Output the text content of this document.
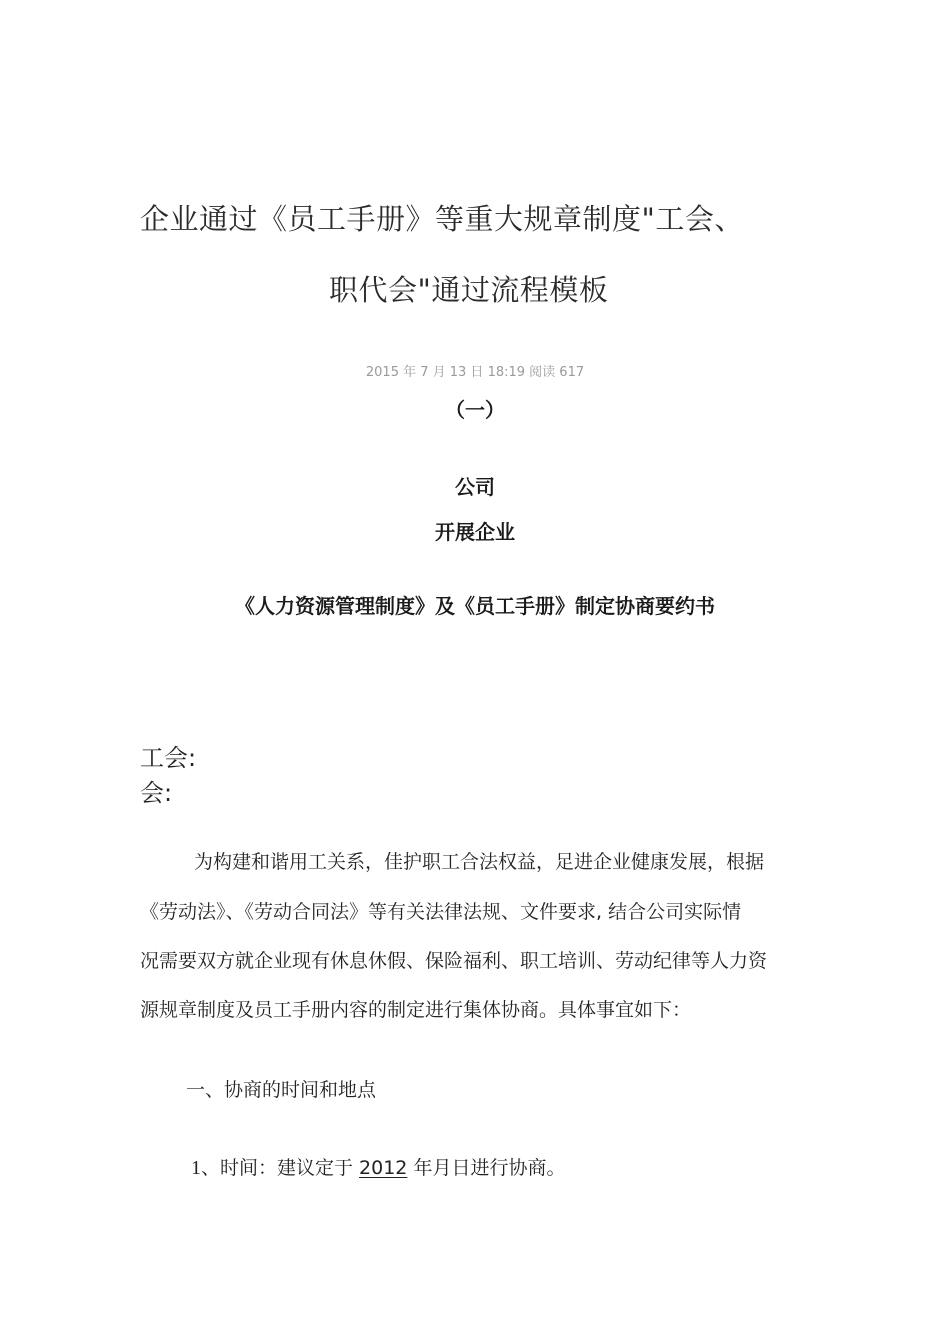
企业通过《员工手册》等重大规章制度"工会、
职代会"通过流程模板
2015 年 7 月 13 日 18:19 阅读 617
（一）
公司
开展企业
《人力资源管理制度》及《员工手册》制定协商要约书
工会:
会:
为构建和谐用工关系，佳护职工合法权益，足进企业健康发展，根据
《劳动法》、《劳动合同法》等有关法律法规、文件要求, 结合公司实际情
况需要双方就企业现有休息休假、保险福利、职工培训、劳动纪律等人力资
源规章制度及员工手册内容的制定进行集体协商。具体事宜如下：
一、协商的时间和地点
1、时间：建议定于 2012 年月日进行协商。
